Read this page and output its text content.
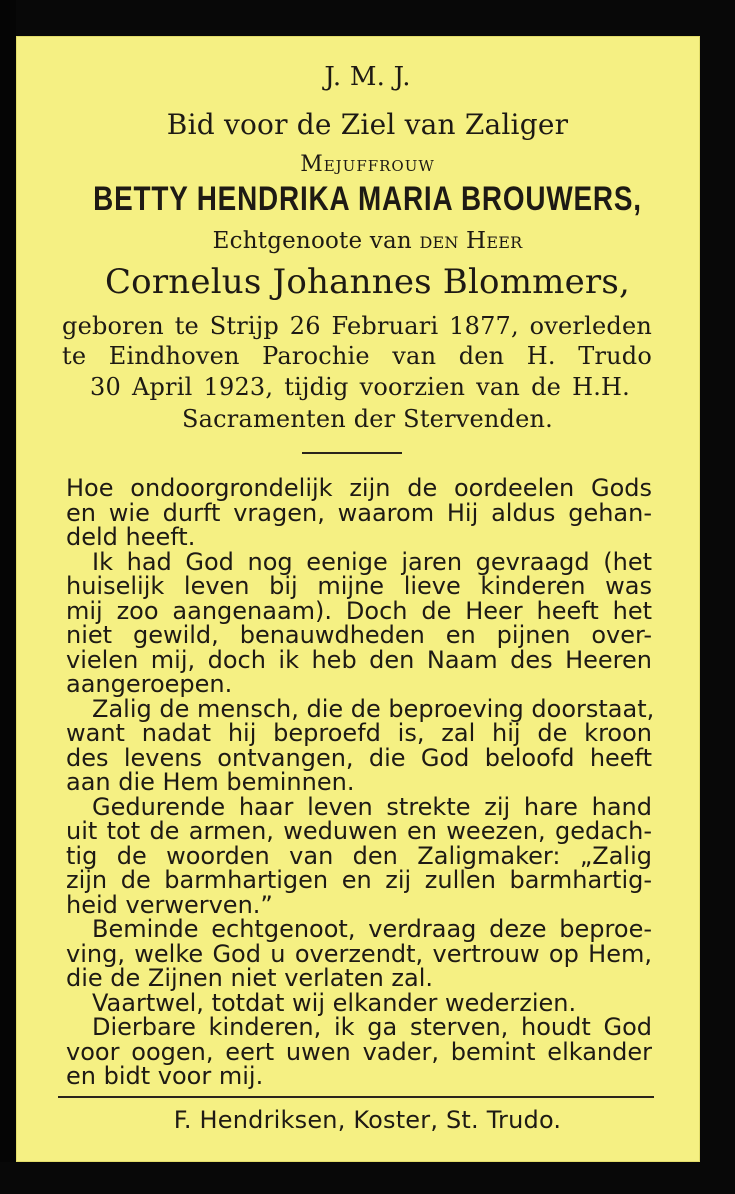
J. M. J.
Bid voor de Ziel van Zaliger
Mejuffrouw
BETTY HENDRIKA MARIA BROUWERS,
Echtgenoote van den Heer
Cornelus Johannes Blommers,
geboren te Strijp 26 Februari 1877, overleden
te Eindhoven Parochie van den H. Trudo
30 April 1923, tijdig voorzien van de H.H.
Sacramenten der Stervenden.
Hoe ondoorgrondelijk zijn de oordeelen Gods
en wie durft vragen, waarom Hij aldus gehan-
deld heeft.
Ik had God nog eenige jaren gevraagd (het
huiselijk leven bij mijne lieve kinderen was
mij zoo aangenaam). Doch de Heer heeft het
niet gewild, benauwdheden en pijnen over-
vielen mij, doch ik heb den Naam des Heeren
aangeroepen.
Zalig de mensch, die de beproeving doorstaat,
want nadat hij beproefd is, zal hij de kroon
des levens ontvangen, die God beloofd heeft
aan die Hem beminnen.
Gedurende haar leven strekte zij hare hand
uit tot de armen, weduwen en weezen, gedach-
tig de woorden van den Zaligmaker: „Zalig
zijn de barmhartigen en zij zullen barmhartig-
heid verwerven.”
Beminde echtgenoot, verdraag deze beproe-
ving, welke God u overzendt, vertrouw op Hem,
die de Zijnen niet verlaten zal.
Vaartwel, totdat wij elkander wederzien.
Dierbare kinderen, ik ga sterven, houdt God
voor oogen, eert uwen vader, bemint elkander
en bidt voor mij.
F. Hendriksen, Koster, St. Trudo.
